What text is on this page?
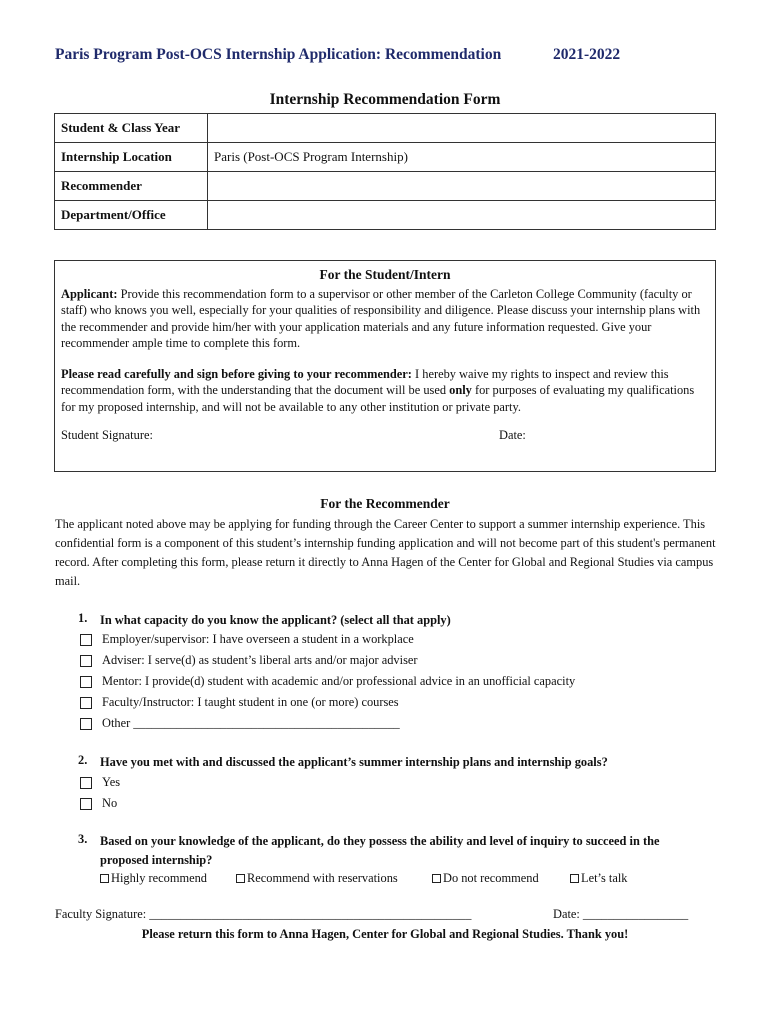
Paris Program Post-OCS Internship Application: Recommendation	2021-2022
Internship Recommendation Form
Student & Class Year	
Internship Location	Paris (Post-OCS Program Internship)
Recommender	
Department/Office	
For the Student/Intern

Applicant: Provide this recommendation form to a supervisor or other member of the Carleton College Community (faculty or staff) who knows you well, especially for your qualities of responsibility and diligence. Please discuss your internship plans with the recommender and provide him/her with your application materials and any future information requested. Give your recommender ample time to complete this form.

Please read carefully and sign before giving to your recommender: I hereby waive my rights to inspect and review this recommendation form, with the understanding that the document will be used only for purposes of evaluating my qualifications for my proposed internship, and will not be available to any other institution or private party.

Student Signature:	Date:
For the Recommender
The applicant noted above may be applying for funding through the Career Center to support a summer internship experience. This confidential form is a component of this student’s internship funding application and will not become part of this student's permanent record. After completing this form, please return it directly to Anna Hagen of the Center for Global and Regional Studies via campus mail.
1. In what capacity do you know the applicant? (select all that apply)
Employer/supervisor: I have overseen a student in a workplace
Adviser: I serve(d) as student’s liberal arts and/or major adviser
Mentor: I provide(d) student with academic and/or professional advice in an unofficial capacity
Faculty/Instructor: I taught student in one (or more) courses
Other ___________________________________________
2. Have you met with and discussed the applicant’s summer internship plans and internship goals?
Yes
No
3. Based on your knowledge of the applicant, do they possess the ability and level of inquiry to succeed in the proposed internship?
Highly recommend	Recommend with reservations	Do not recommend	Let’s talk
Faculty Signature: ____________________________________________________	Date: _________________
Please return this form to Anna Hagen, Center for Global and Regional Studies. Thank you!
